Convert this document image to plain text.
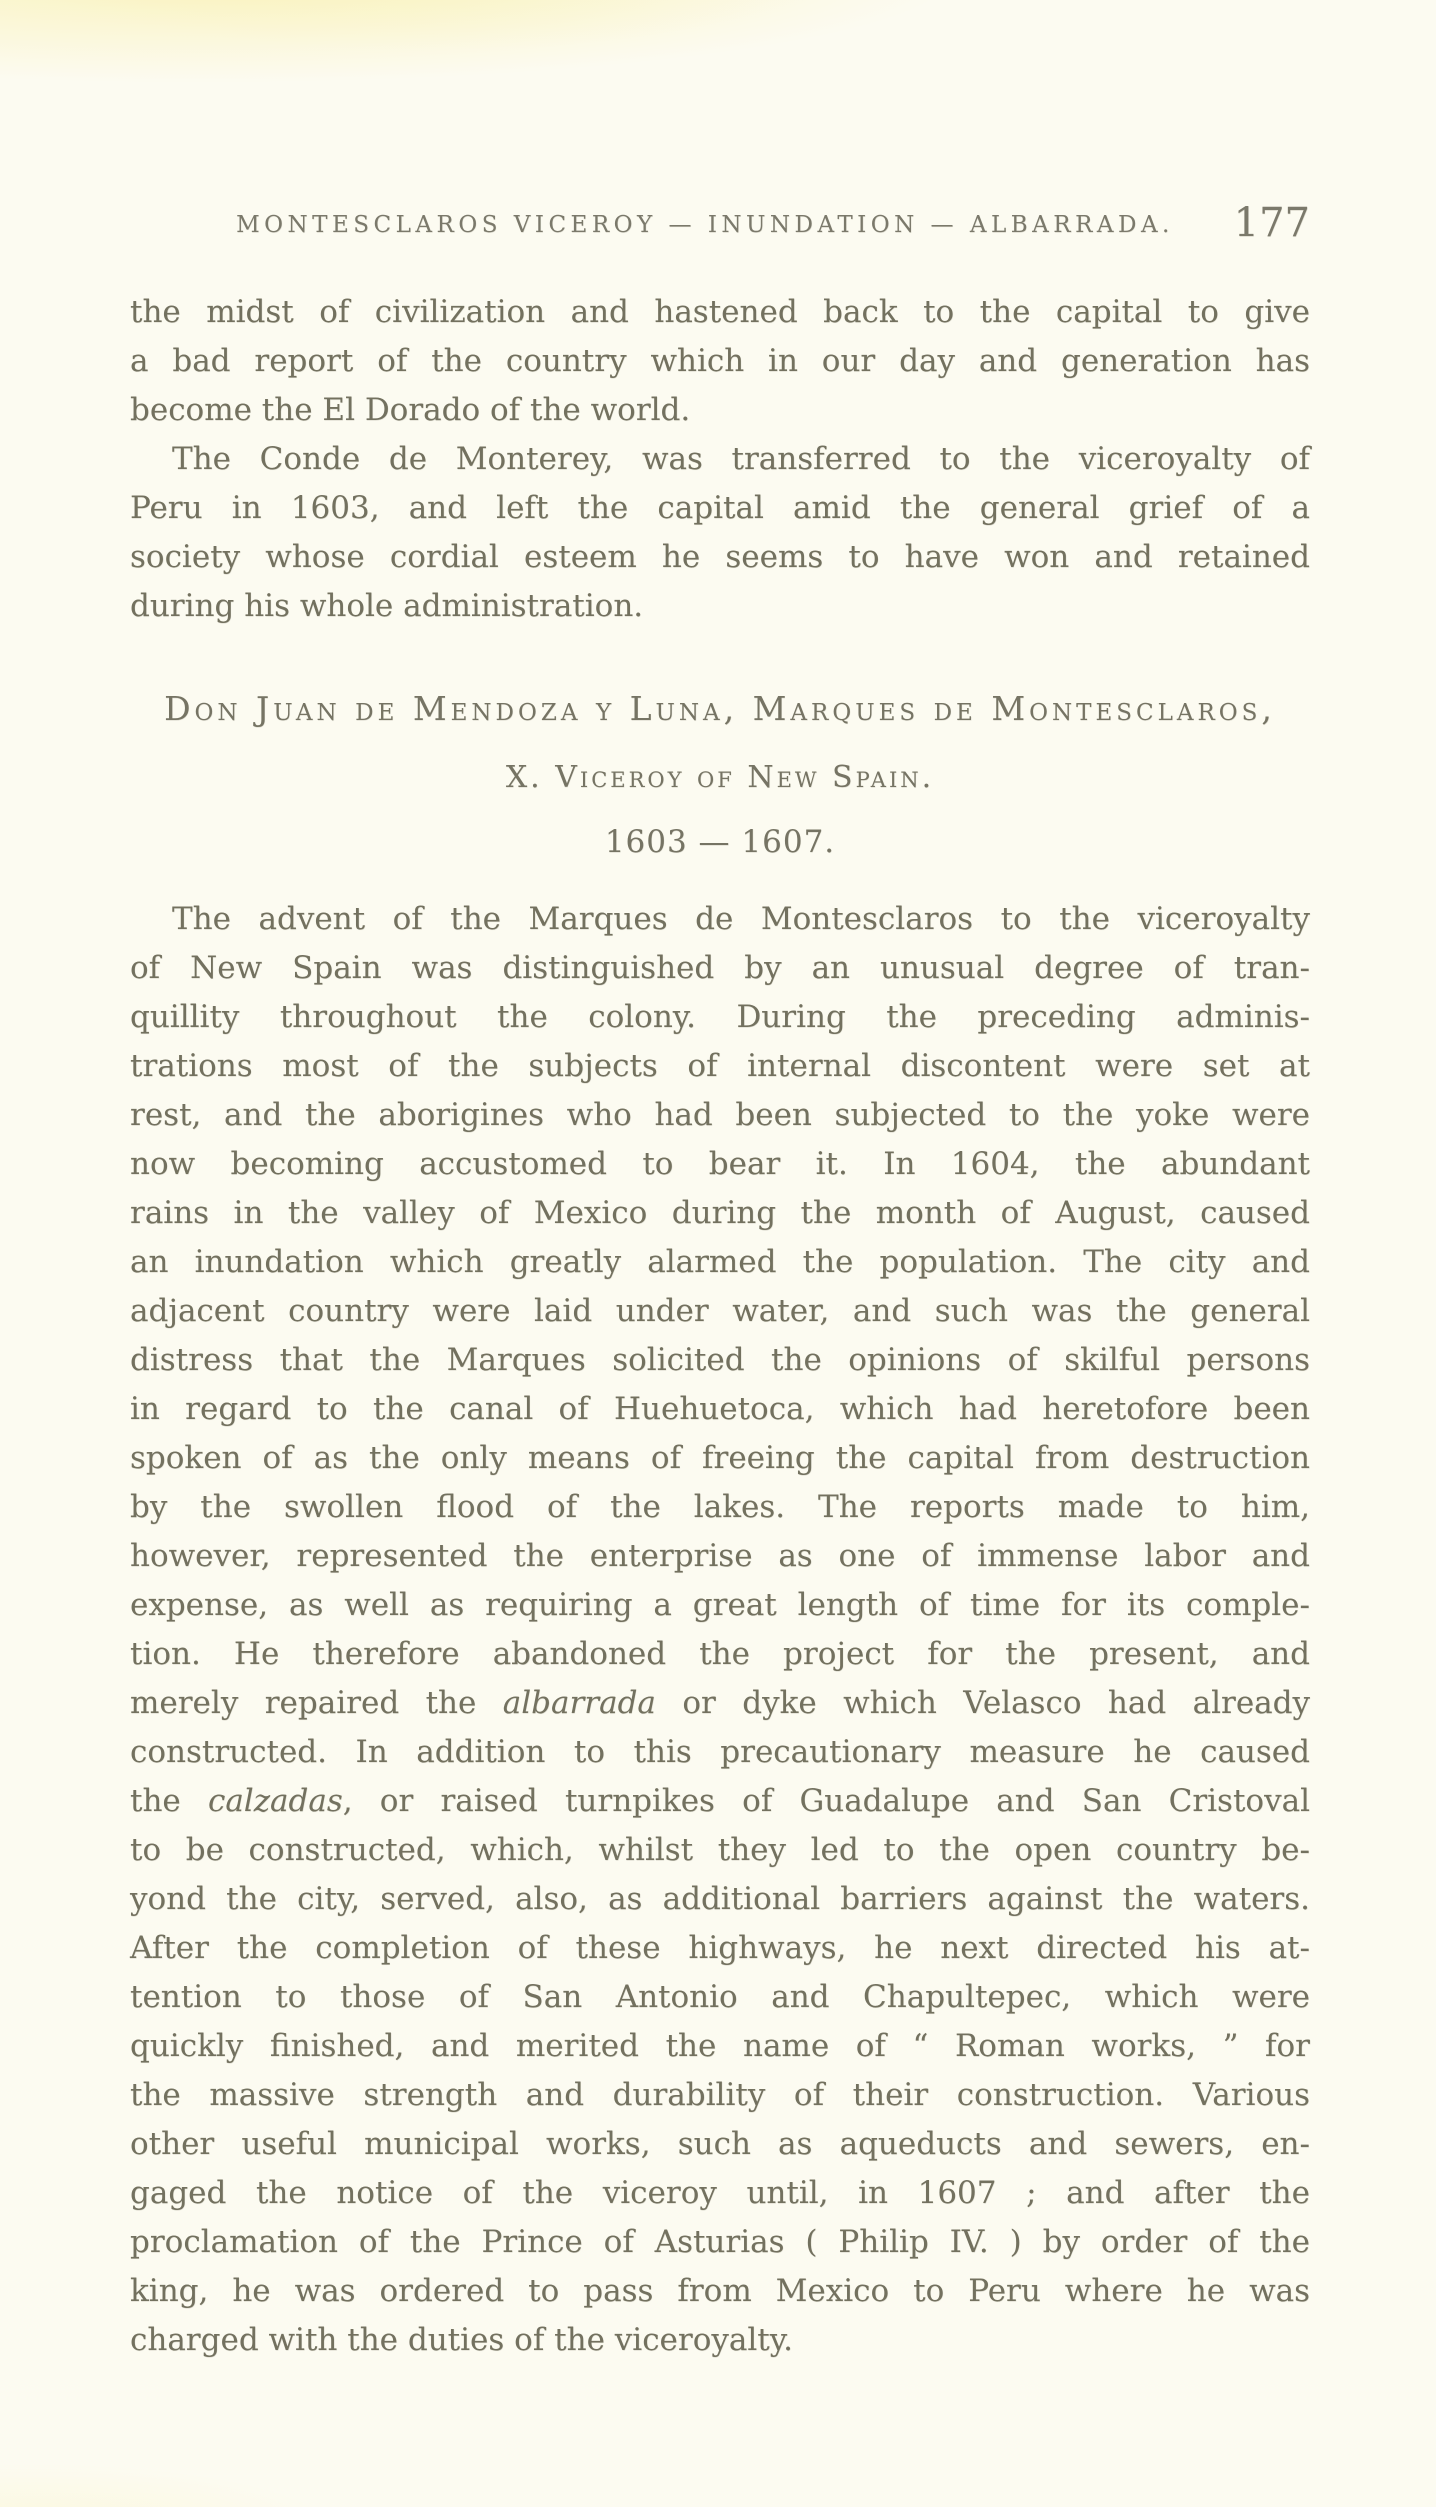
MONTESCLAROS VICEROY — INUNDATION — ALBARRADA.	177
the midst of civilization and hastened back to the capital to give
a bad report of the country which in our day and generation has
become the El Dorado of the world.
The Conde de Monterey, was transferred to the viceroyalty of
Peru in 1603, and left the capital amid the general grief of a
society whose cordial esteem he seems to have won and retained
during his whole administration.
Don Juan de Mendoza y Luna, Marques de Montesclaros,
X. Viceroy of New Spain.
1603 — 1607.
The advent of the Marques de Montesclaros to the viceroyalty
of New Spain was distinguished by an unusual degree of tran-
quillity throughout the colony. During the preceding adminis-
trations most of the subjects of internal discontent were set at
rest, and the aborigines who had been subjected to the yoke were
now becoming accustomed to bear it. In 1604, the abundant
rains in the valley of Mexico during the month of August, caused
an inundation which greatly alarmed the population. The city and
adjacent country were laid under water, and such was the general
distress that the Marques solicited the opinions of skilful persons
in regard to the canal of Huehuetoca, which had heretofore been
spoken of as the only means of freeing the capital from destruction
by the swollen flood of the lakes. The reports made to him,
however, represented the enterprise as one of immense labor and
expense, as well as requiring a great length of time for its comple-
tion. He therefore abandoned the project for the present, and
merely repaired the albarrada or dyke which Velasco had already
constructed. In addition to this precautionary measure he caused
the calzadas, or raised turnpikes of Guadalupe and San Cristoval
to be constructed, which, whilst they led to the open country be-
yond the city, served, also, as additional barriers against the waters.
After the completion of these highways, he next directed his at-
tention to those of San Antonio and Chapultepec, which were
quickly finished, and merited the name of “ Roman works, ” for
the massive strength and durability of their construction. Various
other useful municipal works, such as aqueducts and sewers, en-
gaged the notice of the viceroy until, in 1607 ; and after the
proclamation of the Prince of Asturias ( Philip IV. ) by order of the
king, he was ordered to pass from Mexico to Peru where he was
charged with the duties of the viceroyalty.
